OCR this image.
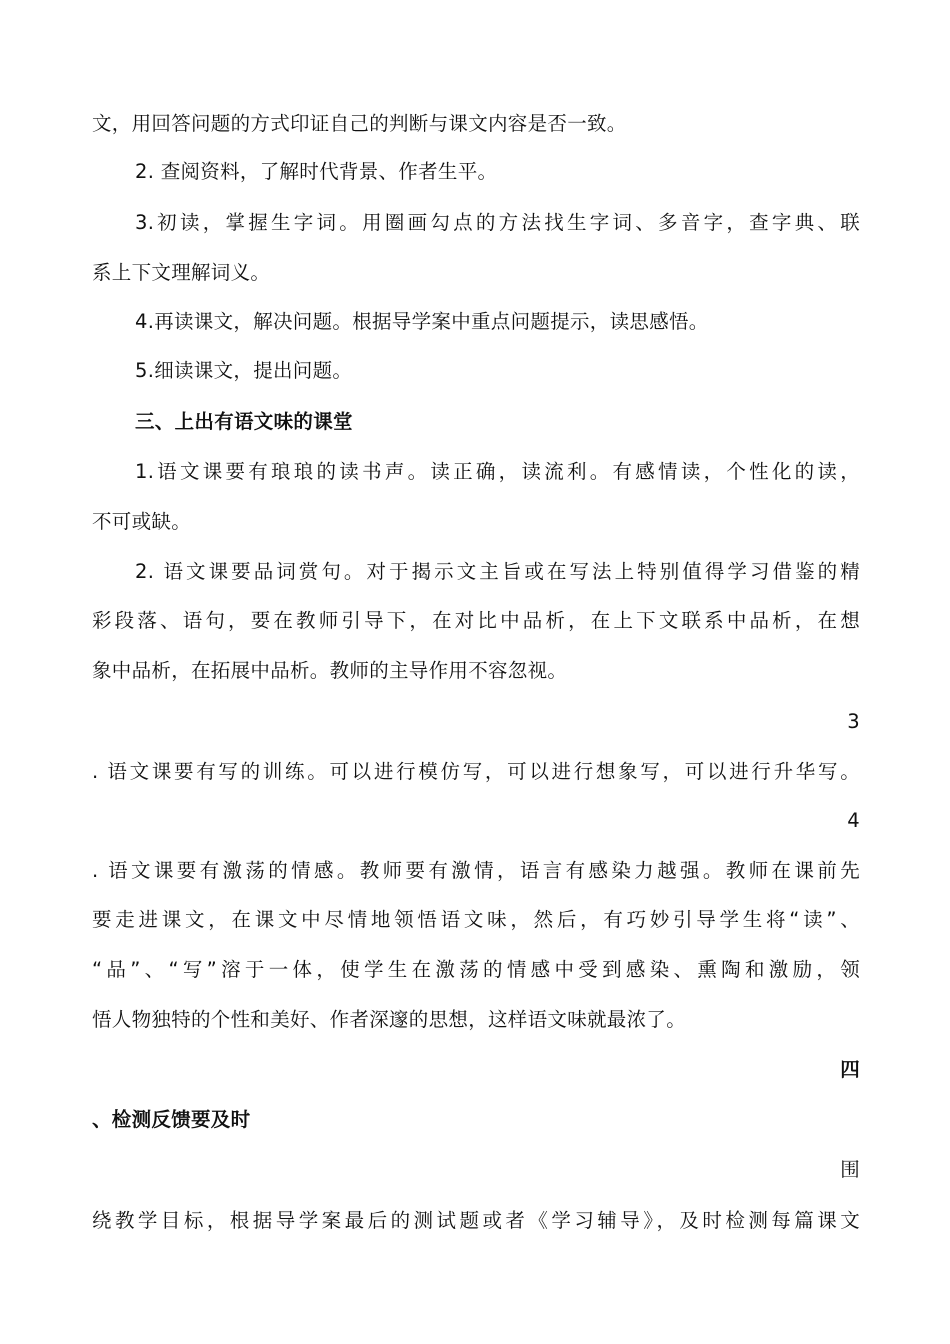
文，用回答问题的方式印证自己的判断与课文内容是否一致。
2. 查阅资料，了解时代背景、作者生平。
3.初读，掌握生字词。用圈画勾点的方法找生字词、多音字，查字典、联
系上下文理解词义。
4.再读课文，解决问题。根据导学案中重点问题提示，读思感悟。
5.细读课文，提出问题。
三、上出有语文味的课堂
1.语文课要有琅琅的读书声。读正确，读流利。有感情读，个性化的读，
不可或缺。
2. 语文课要品词赏句。对于揭示文主旨或在写法上特别值得学习借鉴的精
彩段落、语句，要在教师引导下，在对比中品析，在上下文联系中品析，在想
象中品析，在拓展中品析。教师的主导作用不容忽视。
3
. 语文课要有写的训练。可以进行模仿写，可以进行想象写，可以进行升华写。
4
. 语文课要有激荡的情感。教师要有激情，语言有感染力越强。教师在课前先
要走进课文，在课文中尽情地领悟语文味，然后，有巧妙引导学生将“读”、
“品”、“写”溶于一体，使学生在激荡的情感中受到感染、熏陶和激励，领
悟人物独特的个性和美好、作者深邃的思想，这样语文味就最浓了。
四
、检测反馈要及时
围
绕教学目标，根据导学案最后的测试题或者《学习辅导》，及时检测每篇课文
